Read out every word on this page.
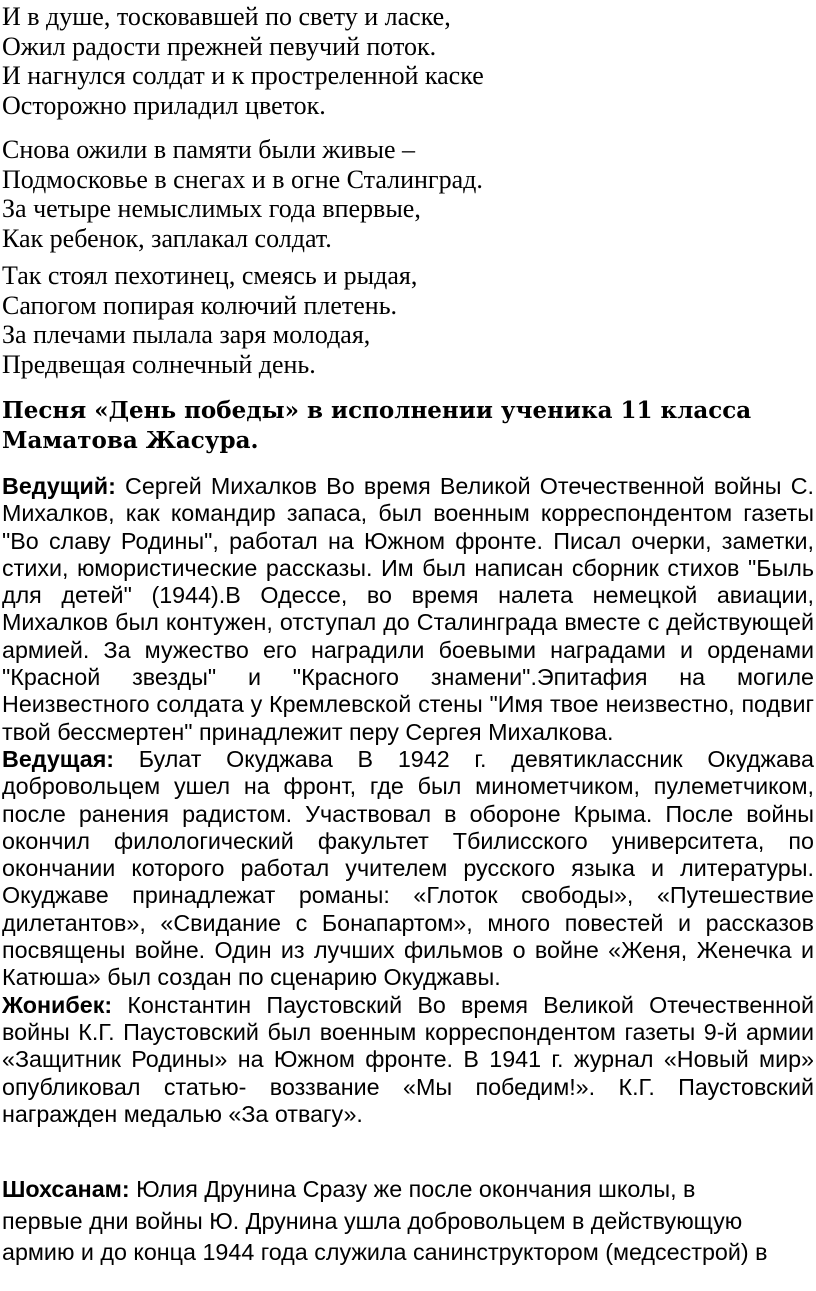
И в душе, тосковавшей по свету и ласке,
Ожил радости прежней певучий поток.
И нагнулся солдат и к простреленной каске
Осторожно приладил цветок.
Снова ожили в памяти были живые –
Подмосковье в снегах и в огне Сталинград.
За четыре немыслимых года впервые,
Как ребенок, заплакал солдат.
Так стоял пехотинец, смеясь и рыдая,
Сапогом попирая колючий плетень.
За плечами пылала заря молодая,
Предвещая солнечный день.
Песня «День победы» в исполнении ученика 11 класса
Маматова Жасура.

Ведущий: Сергей Михалков Во время Великой Отечественной войны С. Михалков, как командир запаса, был военным корреспондентом газеты "Во славу Родины", работал на Южном фронте. Писал очерки, заметки, стихи, юмористические рассказы. Им был написан сборник стихов "Быль для детей" (1944).В Одессе, во время налета немецкой авиации, Михалков был контужен, отступал до Сталинграда вместе с действующей армией. За мужество его наградили боевыми наградами и орденами "Красной звезды" и "Красного знамени".Эпитафия на могиле Неизвестного солдата у Кремлевской стены "Имя твое неизвестно, подвиг твой бессмертен" принадлежит перу Сергея Михалкова.

Ведущая: Булат Окуджава В 1942 г. девятиклассник Окуджава добровольцем ушел на фронт, где был минометчиком, пулеметчиком, после ранения радистом. Участвовал в обороне Крыма. После войны окончил филологический факультет Тбилисского университета, по окончании которого работал учителем русского языка и литературы. Окуджаве принадлежат романы: «Глоток свободы», «Путешествие дилетантов», «Свидание с Бонапартом», много повестей и рассказов посвящены войне. Один из лучших фильмов о войне «Женя, Женечка и Катюша» был создан по сценарию Окуджавы.

Жонибек: Константин Паустовский Во время Великой Отечественной войны К.Г. Паустовский был военным корреспондентом газеты 9-й армии «Защитник Родины» на Южном фронте. В 1941 г. журнал «Новый мир» опубликовал статью- воззвание «Мы победим!». К.Г. Паустовский награжден медалью «За отвагу».

Шохсанам: Юлия Друнина Сразу же после окончания школы, в

первые дни войны Ю. Друнина ушла добровольцем в действующую

армию и до конца 1944 года служила санинструктором (медсестрой) в
